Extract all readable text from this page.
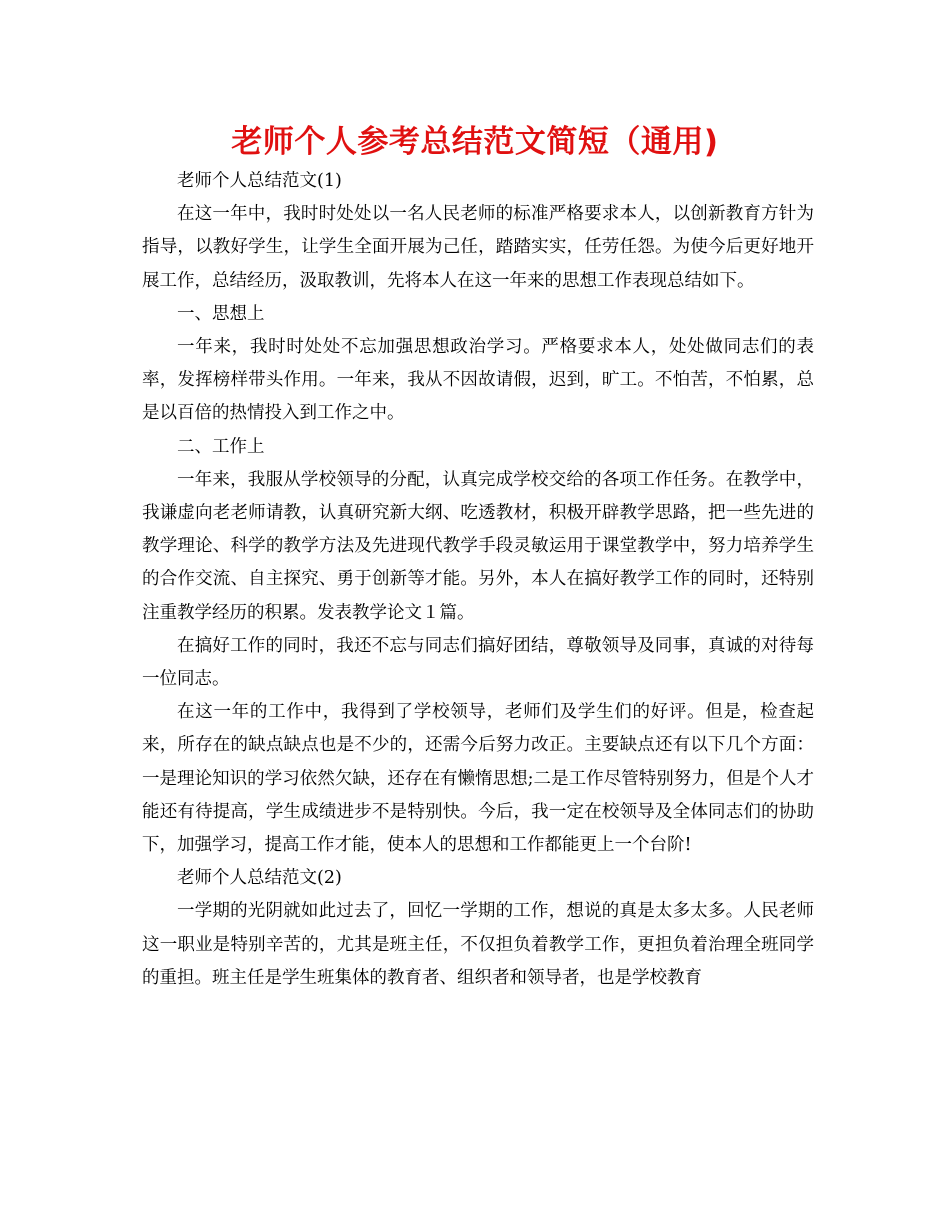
老师个人参考总结范文简短（通用)

老师个人总结范文(1)

在这一年中，我时时处处以一名人民老师的标准严格要求本人，以创新教育方针为指导，以教好学生，让学生全面开展为己任，踏踏实实，任劳任怨。为使今后更好地开展工作，总结经历，汲取教训，先将本人在这一年来的思想工作表现总结如下。

一、思想上

一年来，我时时处处不忘加强思想政治学习。严格要求本人，处处做同志们的表率，发挥榜样带头作用。一年来，我从不因故请假，迟到，旷工。不怕苦，不怕累，总是以百倍的热情投入到工作之中。

二、工作上

一年来，我服从学校领导的分配，认真完成学校交给的各项工作任务。在教学中，我谦虚向老老师请教，认真研究新大纲、吃透教材，积极开辟教学思路，把一些先进的教学理论、科学的教学方法及先进现代教学手段灵敏运用于课堂教学中，努力培养学生的合作交流、自主探究、勇于创新等才能。另外，本人在搞好教学工作的同时，还特别注重教学经历的积累。发表教学论文１篇。

在搞好工作的同时，我还不忘与同志们搞好团结，尊敬领导及同事，真诚的对待每一位同志。

在这一年的工作中，我得到了学校领导，老师们及学生们的好评。但是，检查起来，所存在的缺点缺点也是不少的，还需今后努力改正。主要缺点还有以下几个方面：一是理论知识的学习依然欠缺，还存在有懒惰思想;二是工作尽管特别努力，但是个人才能还有待提高，学生成绩进步不是特别快。今后，我一定在校领导及全体同志们的协助下，加强学习，提高工作才能，使本人的思想和工作都能更上一个台阶!

老师个人总结范文(2)

一学期的光阴就如此过去了，回忆一学期的工作，想说的真是太多太多。人民老师这一职业是特别辛苦的，尤其是班主任，不仅担负着教学工作，更担负着治理全班同学的重担。班主任是学生班集体的教育者、组织者和领导者，也是学校教育
